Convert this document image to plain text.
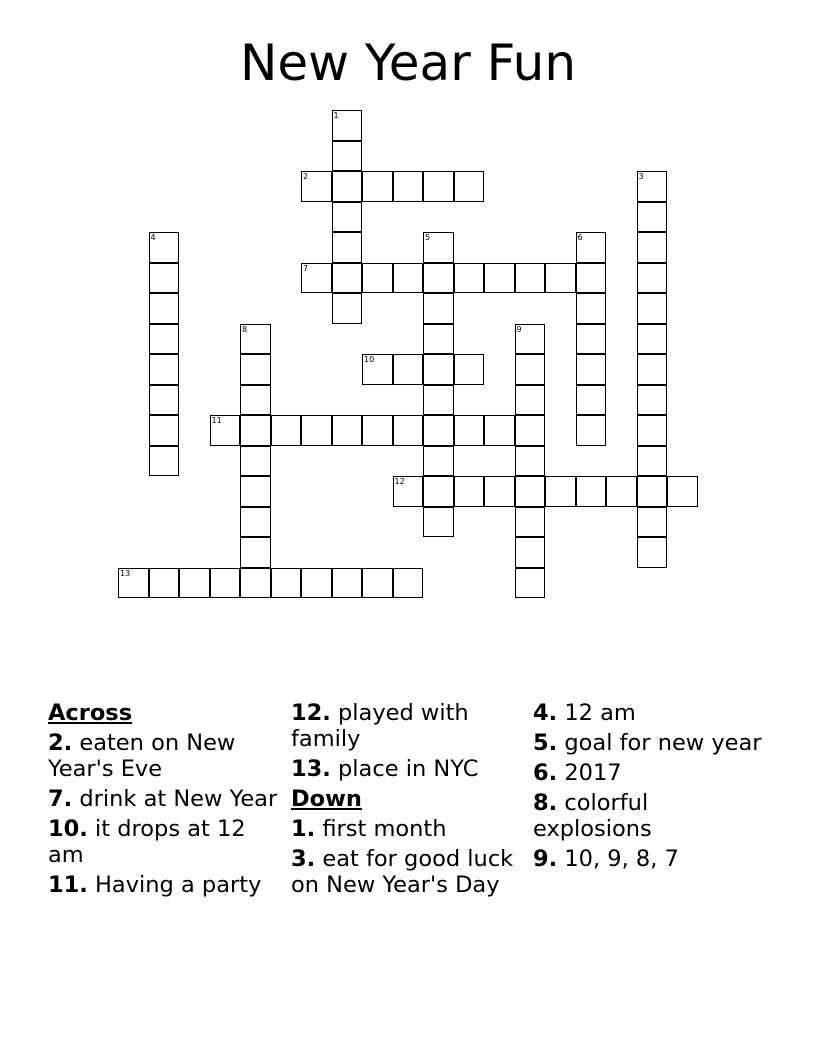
New Year Fun
1
2	3
4	5	6
7
8	9
10
11
12
13
Across
2. eaten on New Year's Eve
7. drink at New Year
10. it drops at 12 am
11. Having a party
12. played with family
13. place in NYC
Down
1. first month
3. eat for good luck on New Year's Day
4. 12 am
5. goal for new year
6. 2017
8. colorful explosions
9. 10, 9, 8, 7
